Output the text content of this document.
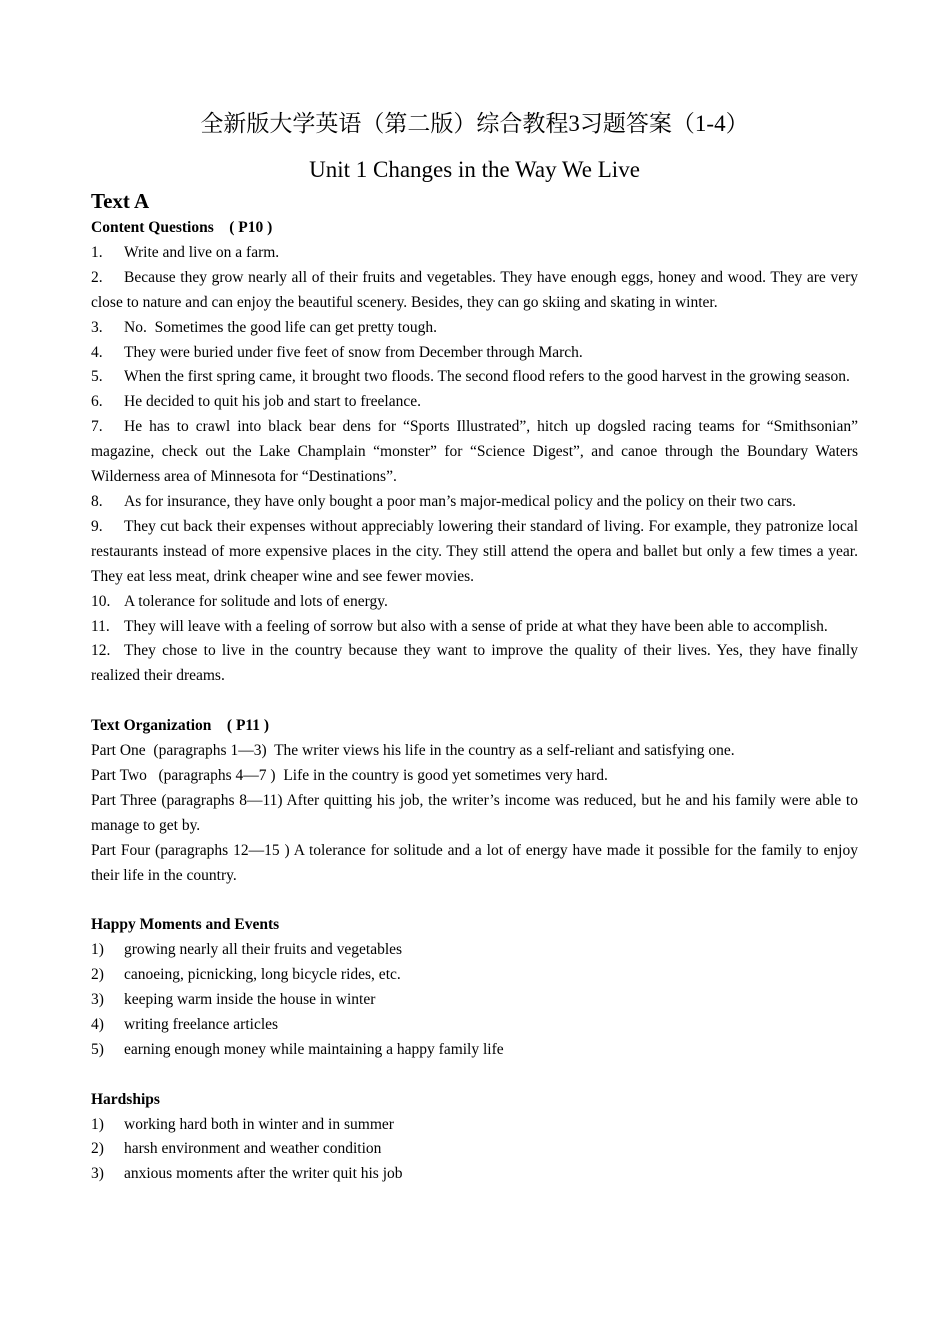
全新版大学英语（第二版）综合教程3习题答案（1-4）
Unit 1 Changes in the Way We Live
Text A
Content Questions    ( P10 )
1. Write and live on a farm.
2. Because they grow nearly all of their fruits and vegetables. They have enough eggs, honey and wood. They are very close to nature and can enjoy the beautiful scenery. Besides, they can go skiing and skating in winter.
3. No.  Sometimes the good life can get pretty tough.
4. They were buried under five feet of snow from December through March.
5. When the first spring came, it brought two floods. The second flood refers to the good harvest in the growing season.
6. He decided to quit his job and start to freelance.
7. He has to crawl into black bear dens for “Sports Illustrated”, hitch up dogsled racing teams for “Smithsonian” magazine, check out the Lake Champlain “monster” for “Science Digest”, and canoe through the Boundary Waters Wilderness area of Minnesota for “Destinations”.
8. As for insurance, they have only bought a poor man’s major-medical policy and the policy on their two cars.
9. They cut back their expenses without appreciably lowering their standard of living. For example, they patronize local restaurants instead of more expensive places in the city. They still attend the opera and ballet but only a few times a year. They eat less meat, drink cheaper wine and see fewer movies.
10. A tolerance for solitude and lots of energy.
11. They will leave with a feeling of sorrow but also with a sense of pride at what they have been able to accomplish.
12. They chose to live in the country because they want to improve the quality of their lives. Yes, they have finally realized their dreams.
Text Organization    ( P11 )
Part One  (paragraphs 1—3)  The writer views his life in the country as a self-reliant and satisfying one.
Part Two   (paragraphs 4—7 )  Life in the country is good yet sometimes very hard.
Part Three (paragraphs 8—11) After quitting his job, the writer’s income was reduced, but he and his family were able to manage to get by.
Part Four (paragraphs 12—15 ) A tolerance for solitude and a lot of energy have made it possible for the family to enjoy their life in the country.
Happy Moments and Events
1) growing nearly all their fruits and vegetables
2) canoeing, picnicking, long bicycle rides, etc.
3) keeping warm inside the house in winter
4) writing freelance articles
5) earning enough money while maintaining a happy family life
Hardships
1) working hard both in winter and in summer
2) harsh environment and weather condition
3) anxious moments after the writer quit his job
